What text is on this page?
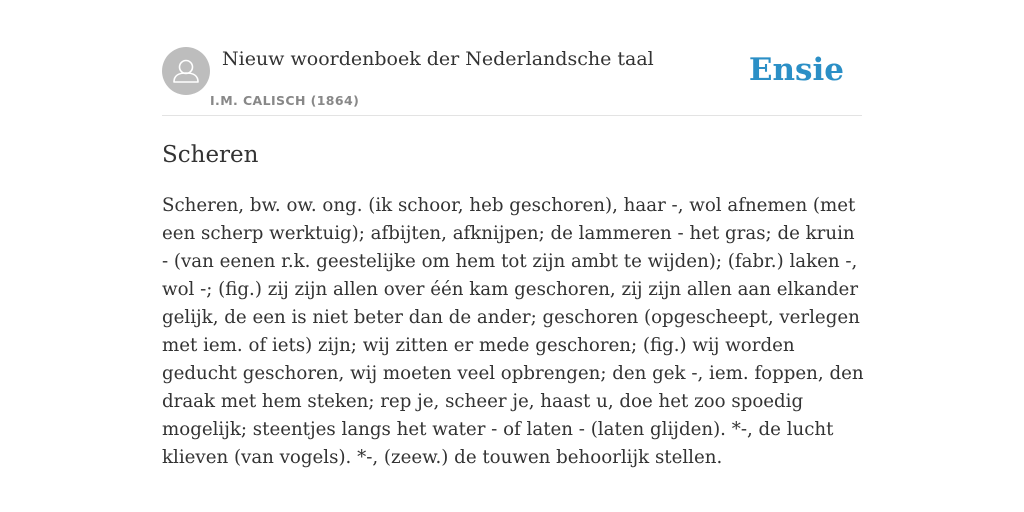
Nieuw woordenboek der Nederlandsche taal
I.M. CALISCH (1864)
Ensie
Scheren

Scheren, bw. ow. ong. (ik schoor, heb geschoren), haar -, wol afnemen (met een scherp werktuig); afbijten, afknijpen; de lammeren - het gras; de kruin - (van eenen r.k. geestelijke om hem tot zijn ambt te wijden); (fabr.) laken -, wol -; (fig.) zij zijn allen over één kam geschoren, zij zijn allen aan elkander gelijk, de een is niet beter dan de ander; geschoren (opgescheept, verlegen met iem. of iets) zijn; wij zitten er mede geschoren; (fig.) wij worden geducht geschoren, wij moeten veel opbrengen; den gek -, iem. foppen, den draak met hem steken; rep je, scheer je, haast u, doe het zoo spoedig mogelijk; steentjes langs het water - of laten - (laten glijden). *-, de lucht klieven (van vogels). *-, (zeew.) de touwen behoorlijk stellen.
